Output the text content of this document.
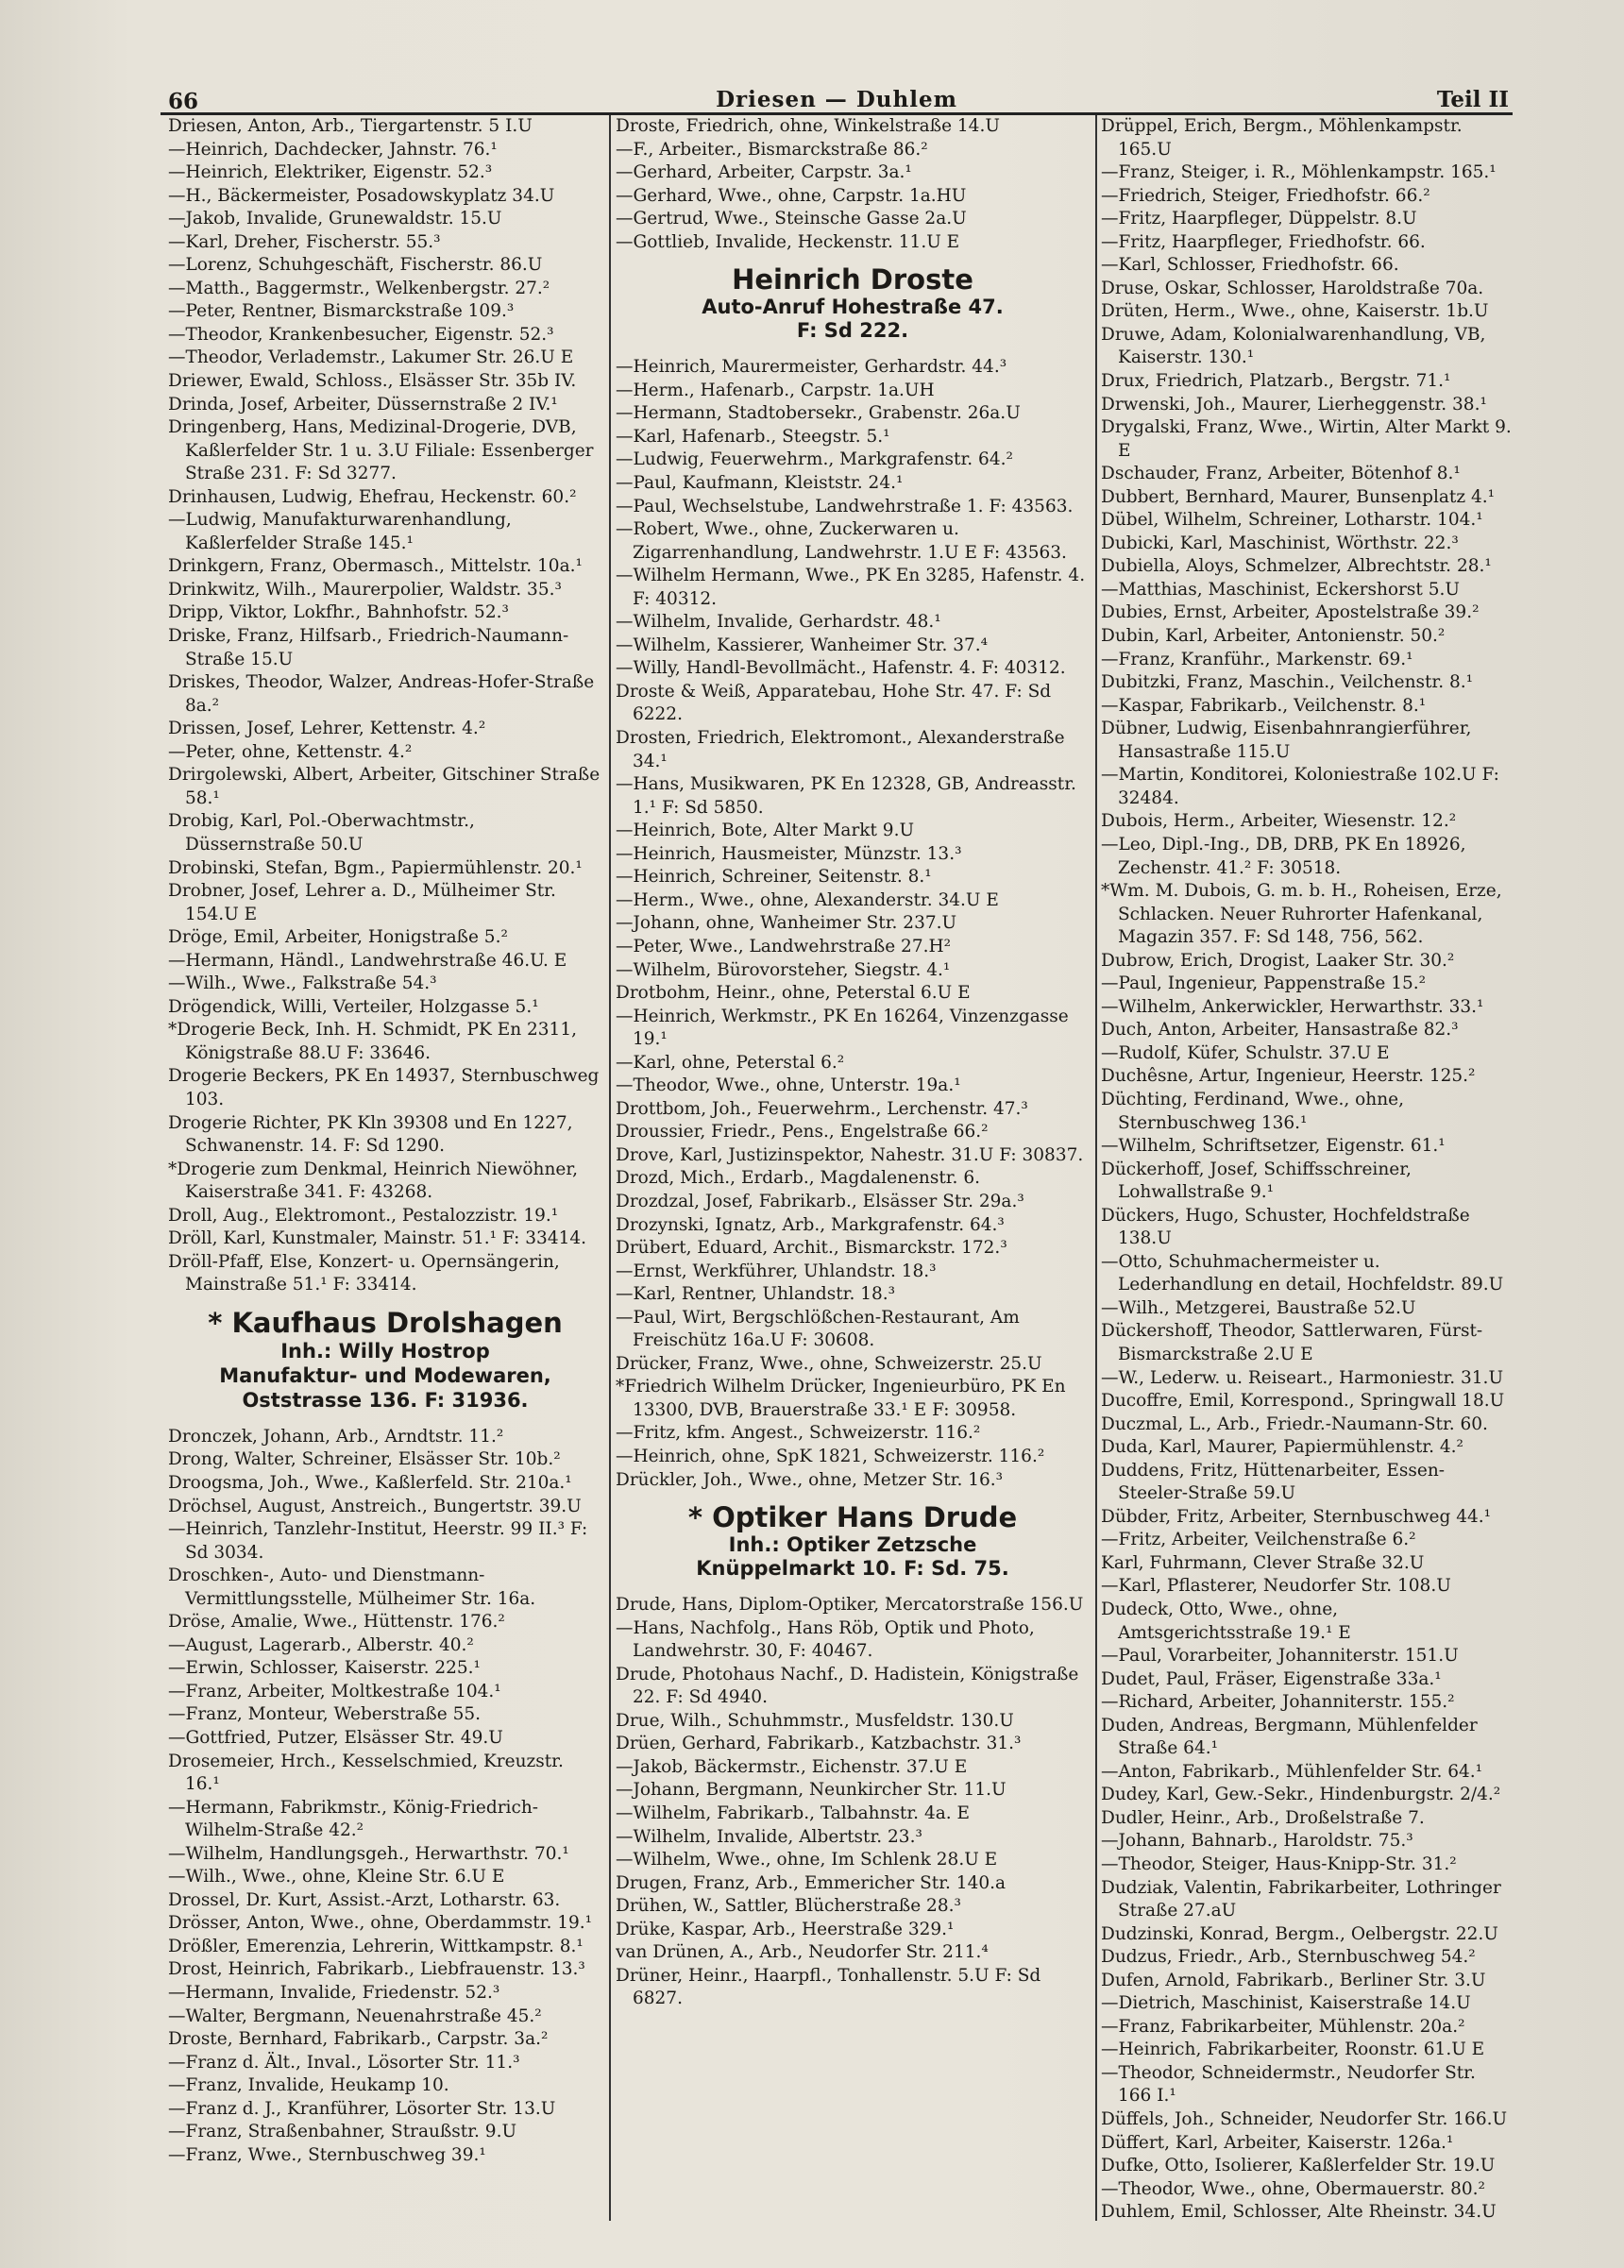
66	Driesen — Duhlem	Teil II

Driesen, Anton, Arb., Tiergartenstr. 5 I.U

—Heinrich, Dachdecker, Jahnstr. 76.¹

—Heinrich, Elektriker, Eigenstr. 52.³

—H., Bäckermeister, Posadowskyplatz 34.U

—Jakob, Invalide, Grunewaldstr. 15.U

—Karl, Dreher, Fischerstr. 55.³

—Lorenz, Schuhgeschäft, Fischerstr. 86.U

—Matth., Baggermstr., Welkenbergstr. 27.²

—Peter, Rentner, Bismarckstraße 109.³

—Theodor, Krankenbesucher, Eigenstr. 52.³

—Theodor, Verlademstr., Lakumer Str. 26.U E

Driewer, Ewald, Schloss., Elsässer Str. 35b IV.

Drinda, Josef, Arbeiter, Düssernstraße 2 IV.¹

Dringenberg, Hans, Medizinal-Drogerie, DVB, Kaßlerfelder Str. 1 u. 3.U Filiale: Essenberger Straße 231. F: Sd 3277.

Drinhausen, Ludwig, Ehefrau, Heckenstr. 60.²

—Ludwig, Manufakturwarenhandlung, Kaßlerfelder Straße 145.¹

Drinkgern, Franz, Obermasch., Mittelstr. 10a.¹

Drinkwitz, Wilh., Maurerpolier, Waldstr. 35.³

Dripp, Viktor, Lokfhr., Bahnhofstr. 52.³

Driske, Franz, Hilfsarb., Friedrich-Naumann-Straße 15.U

Driskes, Theodor, Walzer, Andreas-Hofer-Straße 8a.²

Drissen, Josef, Lehrer, Kettenstr. 4.²

—Peter, ohne, Kettenstr. 4.²

Drirgolewski, Albert, Arbeiter, Gitschiner Straße 58.¹

Drobig, Karl, Pol.-Oberwachtmstr., Düssernstraße 50.U

Drobinski, Stefan, Bgm., Papiermühlenstr. 20.¹

Drobner, Josef, Lehrer a. D., Mülheimer Str. 154.U E

Dröge, Emil, Arbeiter, Honigstraße 5.²

—Hermann, Händl., Landwehrstraße 46.U. E

—Wilh., Wwe., Falkstraße 54.³

Drögendick, Willi, Verteiler, Holzgasse 5.¹

*Drogerie Beck, Inh. H. Schmidt, PK En 2311, Königstraße 88.U F: 33646.

Drogerie Beckers, PK En 14937, Sternbuschweg 103.

Drogerie Richter, PK Kln 39308 und En 1227, Schwanenstr. 14. F: Sd 1290.

*Drogerie zum Denkmal, Heinrich Niewöhner, Kaiserstraße 341. F: 43268.

Droll, Aug., Elektromont., Pestalozzistr. 19.¹

Dröll, Karl, Kunstmaler, Mainstr. 51.¹ F: 33414.

Dröll-Pfaff, Else, Konzert- u. Opernsängerin, Mainstraße 51.¹ F: 33414.

* Kaufhaus Drolshagen
Inh.: Willy Hostrop
Manufaktur- und Modewaren,
Oststrasse 136. F: 31936.

Dronczek, Johann, Arb., Arndtstr. 11.²

Drong, Walter, Schreiner, Elsässer Str. 10b.²

Droogsma, Joh., Wwe., Kaßlerfeld. Str. 210a.¹

Dröchsel, August, Anstreich., Bungertstr. 39.U

—Heinrich, Tanzlehr-Institut, Heerstr. 99 II.³ F: Sd 3034.

Droschken-, Auto- und Dienstmann-Vermittlungsstelle, Mülheimer Str. 16a.

Dröse, Amalie, Wwe., Hüttenstr. 176.²

—August, Lagerarb., Alberstr. 40.²

—Erwin, Schlosser, Kaiserstr. 225.¹

—Franz, Arbeiter, Moltkestraße 104.¹

—Franz, Monteur, Weberstraße 55.

—Gottfried, Putzer, Elsässer Str. 49.U

Drosemeier, Hrch., Kesselschmied, Kreuzstr. 16.¹

—Hermann, Fabrikmstr., König-Friedrich-Wilhelm-Straße 42.²

—Wilhelm, Handlungsgeh., Herwarthstr. 70.¹

—Wilh., Wwe., ohne, Kleine Str. 6.U E

Drossel, Dr. Kurt, Assist.-Arzt, Lotharstr. 63.

Drösser, Anton, Wwe., ohne, Oberdammstr. 19.¹

Drößler, Emerenzia, Lehrerin, Wittkampstr. 8.¹

Drost, Heinrich, Fabrikarb., Liebfrauenstr. 13.³

—Hermann, Invalide, Friedenstr. 52.³

—Walter, Bergmann, Neuenahrstraße 45.²

Droste, Bernhard, Fabrikarb., Carpstr. 3a.²

—Franz d. Ält., Inval., Lösorter Str. 11.³

—Franz, Invalide, Heukamp 10.

—Franz d. J., Kranführer, Lösorter Str. 13.U

—Franz, Straßenbahner, Straußstr. 9.U

—Franz, Wwe., Sternbuschweg 39.¹

Droste, Friedrich, ohne, Winkelstraße 14.U

—F., Arbeiter., Bismarckstraße 86.²

—Gerhard, Arbeiter, Carpstr. 3a.¹

—Gerhard, Wwe., ohne, Carpstr. 1a.HU

—Gertrud, Wwe., Steinsche Gasse 2a.U

—Gottlieb, Invalide, Heckenstr. 11.U E

Heinrich Droste
Auto-Anruf Hohestraße 47.
F: Sd 222.

—Heinrich, Maurermeister, Gerhardstr. 44.³

—Herm., Hafenarb., Carpstr. 1a.UH

—Hermann, Stadtobersekr., Grabenstr. 26a.U

—Karl, Hafenarb., Steegstr. 5.¹

—Ludwig, Feuerwehrm., Markgrafenstr. 64.²

—Paul, Kaufmann, Kleiststr. 24.¹

—Paul, Wechselstube, Landwehrstraße 1. F: 43563.

—Robert, Wwe., ohne, Zuckerwaren u. Zigarrenhandlung, Landwehrstr. 1.U E F: 43563.

—Wilhelm Hermann, Wwe., PK En 3285, Hafenstr. 4. F: 40312.

—Wilhelm, Invalide, Gerhardstr. 48.¹

—Wilhelm, Kassierer, Wanheimer Str. 37.⁴

—Willy, Handl-Bevollmächt., Hafenstr. 4. F: 40312.

Droste & Weiß, Apparatebau, Hohe Str. 47. F: Sd 6222.

Drosten, Friedrich, Elektromont., Alexanderstraße 34.¹

—Hans, Musikwaren, PK En 12328, GB, Andreasstr. 1.¹ F: Sd 5850.

—Heinrich, Bote, Alter Markt 9.U

—Heinrich, Hausmeister, Münzstr. 13.³

—Heinrich, Schreiner, Seitenstr. 8.¹

—Herm., Wwe., ohne, Alexanderstr. 34.U E

—Johann, ohne, Wanheimer Str. 237.U

—Peter, Wwe., Landwehrstraße 27.H²

—Wilhelm, Bürovorsteher, Siegstr. 4.¹

Drotbohm, Heinr., ohne, Peterstal 6.U E

—Heinrich, Werkmstr., PK En 16264, Vinzenzgasse 19.¹

—Karl, ohne, Peterstal 6.²

—Theodor, Wwe., ohne, Unterstr. 19a.¹

Drottbom, Joh., Feuerwehrm., Lerchenstr. 47.³

Droussier, Friedr., Pens., Engelstraße 66.²

Drove, Karl, Justizinspektor, Nahestr. 31.U F: 30837.

Drozd, Mich., Erdarb., Magdalenenstr. 6.

Drozdzal, Josef, Fabrikarb., Elsässer Str. 29a.³

Drozynski, Ignatz, Arb., Markgrafenstr. 64.³

Drübert, Eduard, Archit., Bismarckstr. 172.³

—Ernst, Werkführer, Uhlandstr. 18.³

—Karl, Rentner, Uhlandstr. 18.³

—Paul, Wirt, Bergschlößchen-Restaurant, Am Freischütz 16a.U F: 30608.

Drücker, Franz, Wwe., ohne, Schweizerstr. 25.U

*Friedrich Wilhelm Drücker, Ingenieurbüro, PK En 13300, DVB, Brauerstraße 33.¹ E F: 30958.

—Fritz, kfm. Angest., Schweizerstr. 116.²

—Heinrich, ohne, SpK 1821, Schweizerstr. 116.²

Drückler, Joh., Wwe., ohne, Metzer Str. 16.³

* Optiker Hans Drude
Inh.: Optiker Zetzsche
Knüppelmarkt 10. F: Sd. 75.

Drude, Hans, Diplom-Optiker, Mercatorstraße 156.U

—Hans, Nachfolg., Hans Röb, Optik und Photo, Landwehrstr. 30, F: 40467.

Drude, Photohaus Nachf., D. Hadistein, Königstraße 22. F: Sd 4940.

Drue, Wilh., Schuhmmstr., Musfeldstr. 130.U

Drüen, Gerhard, Fabrikarb., Katzbachstr. 31.³

—Jakob, Bäckermstr., Eichenstr. 37.U E

—Johann, Bergmann, Neunkircher Str. 11.U

—Wilhelm, Fabrikarb., Talbahnstr. 4a. E

—Wilhelm, Invalide, Albertstr. 23.³

—Wilhelm, Wwe., ohne, Im Schlenk 28.U E

Drugen, Franz, Arb., Emmericher Str. 140.a

Drühen, W., Sattler, Blücherstraße 28.³

Drüke, Kaspar, Arb., Heerstraße 329.¹

van Drünen, A., Arb., Neudorfer Str. 211.⁴

Drüner, Heinr., Haarpfl., Tonhallenstr. 5.U F: Sd 6827.

Drüppel, Erich, Bergm., Möhlenkampstr. 165.U

—Franz, Steiger, i. R., Möhlenkampstr. 165.¹

—Friedrich, Steiger, Friedhofstr. 66.²

—Fritz, Haarpfleger, Düppelstr. 8.U

—Fritz, Haarpfleger, Friedhofstr. 66.

—Karl, Schlosser, Friedhofstr. 66.

Druse, Oskar, Schlosser, Haroldstraße 70a.

Drüten, Herm., Wwe., ohne, Kaiserstr. 1b.U

Druwe, Adam, Kolonialwarenhandlung, VB, Kaiserstr. 130.¹

Drux, Friedrich, Platzarb., Bergstr. 71.¹

Drwenski, Joh., Maurer, Lierheggenstr. 38.¹

Drygalski, Franz, Wwe., Wirtin, Alter Markt 9. E

Dschauder, Franz, Arbeiter, Bötenhof 8.¹

Dubbert, Bernhard, Maurer, Bunsenplatz 4.¹

Dübel, Wilhelm, Schreiner, Lotharstr. 104.¹

Dubicki, Karl, Maschinist, Wörthstr. 22.³

Dubiella, Aloys, Schmelzer, Albrechtstr. 28.¹

—Matthias, Maschinist, Eckershorst 5.U

Dubies, Ernst, Arbeiter, Apostelstraße 39.²

Dubin, Karl, Arbeiter, Antonienstr. 50.²

—Franz, Kranführ., Markenstr. 69.¹

Dubitzki, Franz, Maschin., Veilchenstr. 8.¹

—Kaspar, Fabrikarb., Veilchenstr. 8.¹

Dübner, Ludwig, Eisenbahnrangierführer, Hansastraße 115.U

—Martin, Konditorei, Koloniestraße 102.U F: 32484.

Dubois, Herm., Arbeiter, Wiesenstr. 12.²

—Leo, Dipl.-Ing., DB, DRB, PK En 18926, Zechenstr. 41.² F: 30518.

*Wm. M. Dubois, G. m. b. H., Roheisen, Erze, Schlacken. Neuer Ruhrorter Hafenkanal, Magazin 357. F: Sd 148, 756, 562.

Dubrow, Erich, Drogist, Laaker Str. 30.²

—Paul, Ingenieur, Pappenstraße 15.²

—Wilhelm, Ankerwickler, Herwarthstr. 33.¹

Duch, Anton, Arbeiter, Hansastraße 82.³

—Rudolf, Küfer, Schulstr. 37.U E

Duchêsne, Artur, Ingenieur, Heerstr. 125.²

Düchting, Ferdinand, Wwe., ohne, Sternbuschweg 136.¹

—Wilhelm, Schriftsetzer, Eigenstr. 61.¹

Dückerhoff, Josef, Schiffsschreiner, Lohwallstraße 9.¹

Dückers, Hugo, Schuster, Hochfeldstraße 138.U

—Otto, Schuhmachermeister u. Lederhandlung en detail, Hochfeldstr. 89.U

—Wilh., Metzgerei, Baustraße 52.U

Dückershoff, Theodor, Sattlerwaren, Fürst-Bismarckstraße 2.U E

—W., Lederw. u. Reiseart., Harmoniestr. 31.U

Ducoffre, Emil, Korrespond., Springwall 18.U

Duczmal, L., Arb., Friedr.-Naumann-Str. 60.

Duda, Karl, Maurer, Papiermühlenstr. 4.²

Duddens, Fritz, Hüttenarbeiter, Essen-Steeler-Straße 59.U

Dübder, Fritz, Arbeiter, Sternbuschweg 44.¹

—Fritz, Arbeiter, Veilchenstraße 6.²

Karl, Fuhrmann, Clever Straße 32.U

—Karl, Pflasterer, Neudorfer Str. 108.U

Dudeck, Otto, Wwe., ohne, Amtsgerichtsstraße 19.¹ E

—Paul, Vorarbeiter, Johanniterstr. 151.U

Dudet, Paul, Fräser, Eigenstraße 33a.¹

—Richard, Arbeiter, Johanniterstr. 155.²

Duden, Andreas, Bergmann, Mühlenfelder Straße 64.¹

—Anton, Fabrikarb., Mühlenfelder Str. 64.¹

Dudey, Karl, Gew.-Sekr., Hindenburgstr. 2/4.²

Dudler, Heinr., Arb., Droßelstraße 7.

—Johann, Bahnarb., Haroldstr. 75.³

—Theodor, Steiger, Haus-Knipp-Str. 31.²

Dudziak, Valentin, Fabrikarbeiter, Lothringer Straße 27.aU

Dudzinski, Konrad, Bergm., Oelbergstr. 22.U

Dudzus, Friedr., Arb., Sternbuschweg 54.²

Dufen, Arnold, Fabrikarb., Berliner Str. 3.U

—Dietrich, Maschinist, Kaiserstraße 14.U

—Franz, Fabrikarbeiter, Mühlenstr. 20a.²

—Heinrich, Fabrikarbeiter, Roonstr. 61.U E

—Theodor, Schneidermstr., Neudorfer Str. 166 I.¹

Düffels, Joh., Schneider, Neudorfer Str. 166.U

Düffert, Karl, Arbeiter, Kaiserstr. 126a.¹

Dufke, Otto, Isolierer, Kaßlerfelder Str. 19.U

—Theodor, Wwe., ohne, Obermauerstr. 80.²

Duhlem, Emil, Schlosser, Alte Rheinstr. 34.U
